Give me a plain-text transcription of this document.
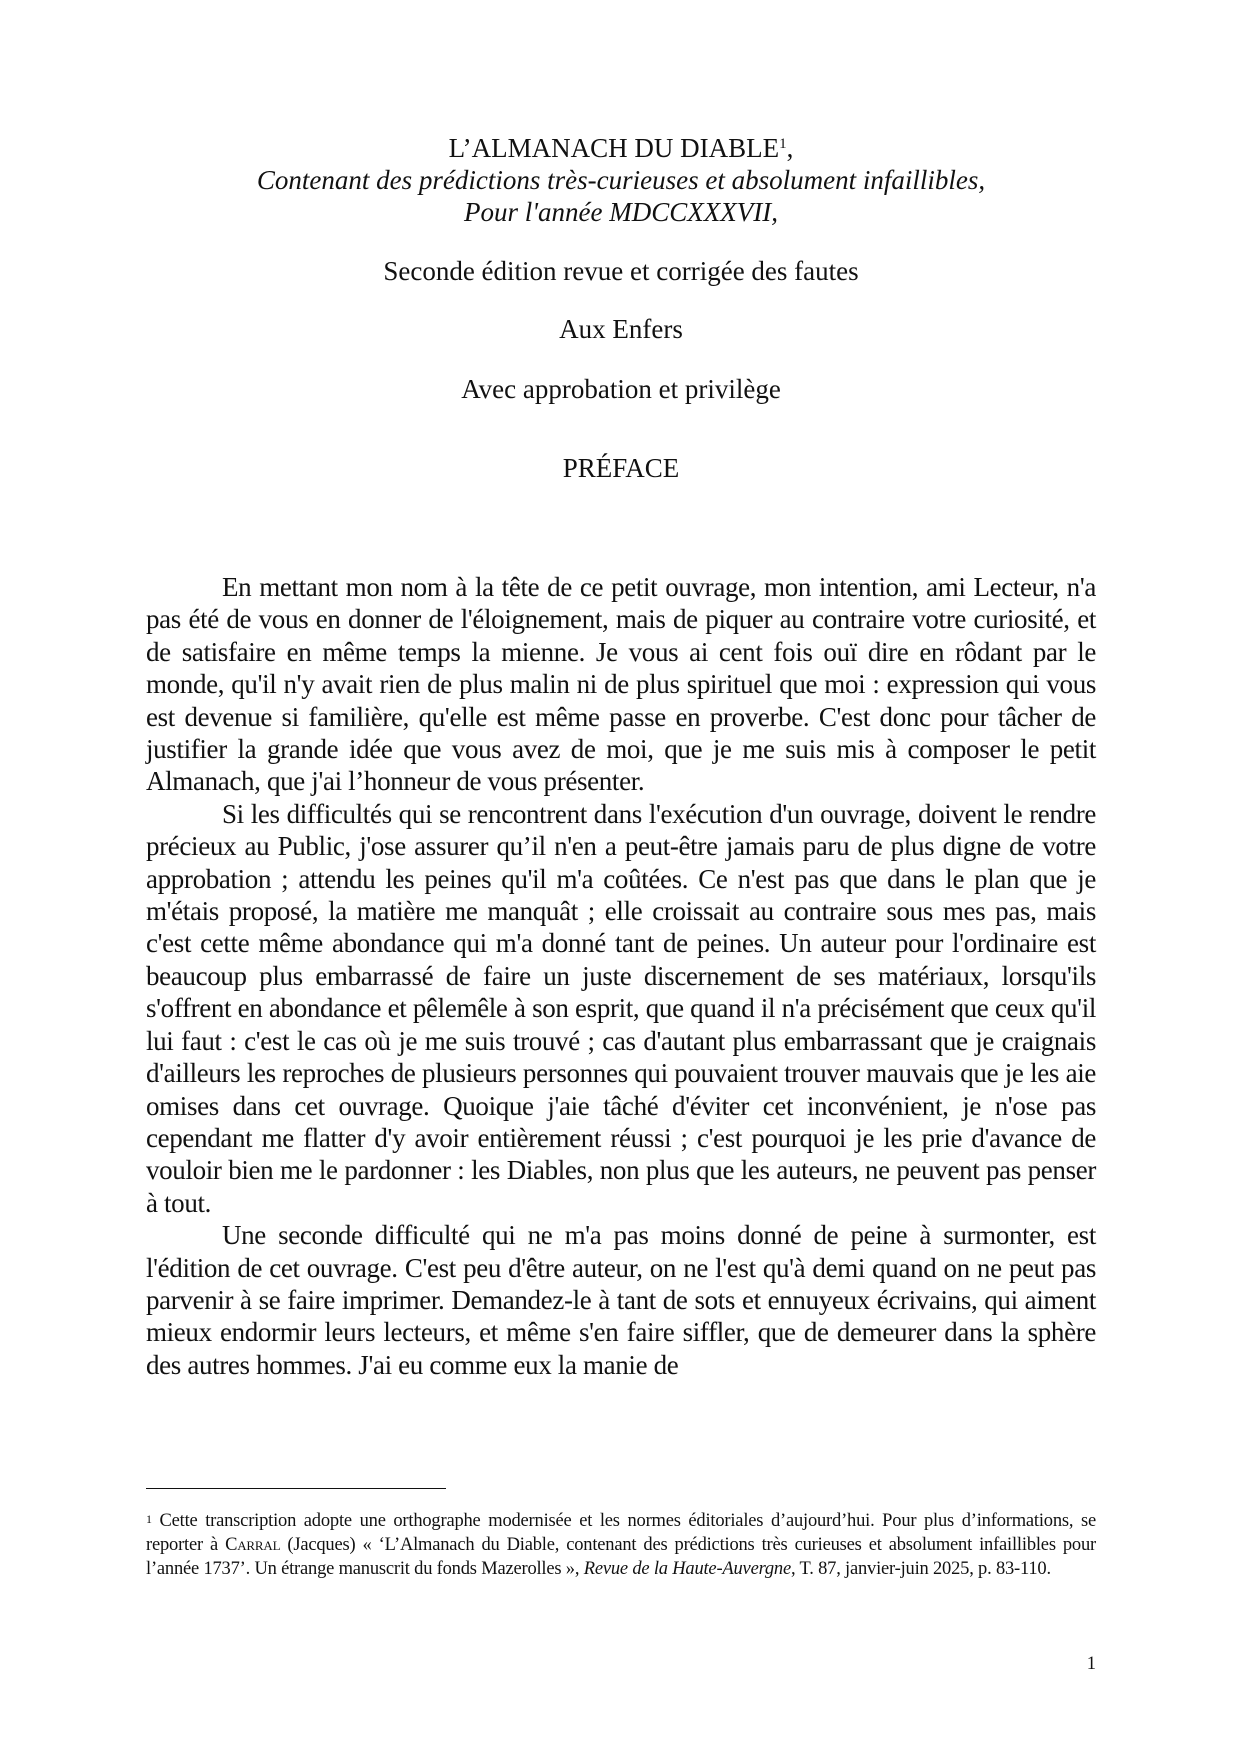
L’ALMANACH DU DIABLE$^1$,
Contenant des prédictions très-curieuses et absolument infaillibles,
Pour l'année MDCCXXXVII,
Seconde édition revue et corrigée des fautes
Aux Enfers
Avec approbation et privilège
PRÉFACE

En mettant mon nom à la tête de ce petit ouvrage, mon intention, ami Lecteur, n'a pas été de vous en donner de l'éloignement, mais de piquer au contraire votre curiosité, et de satisfaire en même temps la mienne. Je vous ai cent fois ouï dire en rôdant par le monde, qu'il n'y avait rien de plus malin ni de plus spirituel que moi : expression qui vous est devenue si familière, qu'elle est même passe en proverbe. C'est donc pour tâcher de justifier la grande idée que vous avez de moi, que je me suis mis à composer le petit Almanach, que j'ai l’honneur de vous présenter.

Si les difficultés qui se rencontrent dans l'exécution d'un ouvrage, doivent le rendre précieux au Public, j'ose assurer qu’il n'en a peut-être jamais paru de plus digne de votre approbation ; attendu les peines qu'il m'a coûtées. Ce n'est pas que dans le plan que je m'étais proposé, la matière me manquât ; elle croissait au contraire sous mes pas, mais c'est cette même abondance qui m'a donné tant de peines. Un auteur pour l'ordinaire est beaucoup plus embarrassé de faire un juste discernement de ses matériaux, lorsqu'ils s'offrent en abondance et pêlemêle à son esprit, que quand il n'a précisément que ceux qu'il lui faut : c'est le cas où je me suis trouvé ; cas d'autant plus embarrassant que je craignais d'ailleurs les reproches de plusieurs personnes qui pouvaient trouver mauvais que je les aie omises dans cet ouvrage. Quoique j'aie tâché d'éviter cet inconvénient, je n'ose pas cependant me flatter d'y avoir entièrement réussi ; c'est pourquoi je les prie d'avance de vouloir bien me le pardonner : les Diables, non plus que les auteurs, ne peuvent pas penser à tout.

Une seconde difficulté qui ne m'a pas moins donné de peine à surmonter, est l'édition de cet ouvrage. C'est peu d'être auteur, on ne l'est qu'à demi quand on ne peut pas parvenir à se faire imprimer. Demandez-le à tant de sots et ennuyeux écrivains, qui aiment mieux endormir leurs lecteurs, et même s'en faire siffler, que de demeurer dans la sphère des autres hommes. J'ai eu comme eux la manie de

$^1$ Cette transcription adopte une orthographe modernisée et les normes éditoriales d’aujourd’hui. Pour plus d’informations, se reporter à Carral (Jacques) « ‘L’Almanach du Diable, contenant des prédictions très curieuses et absolument infaillibles pour l’année 1737’. Un étrange manuscrit du fonds Mazerolles », Revue de la Haute-Auvergne, T. 87, janvier-juin 2025, p. 83-110.
1
